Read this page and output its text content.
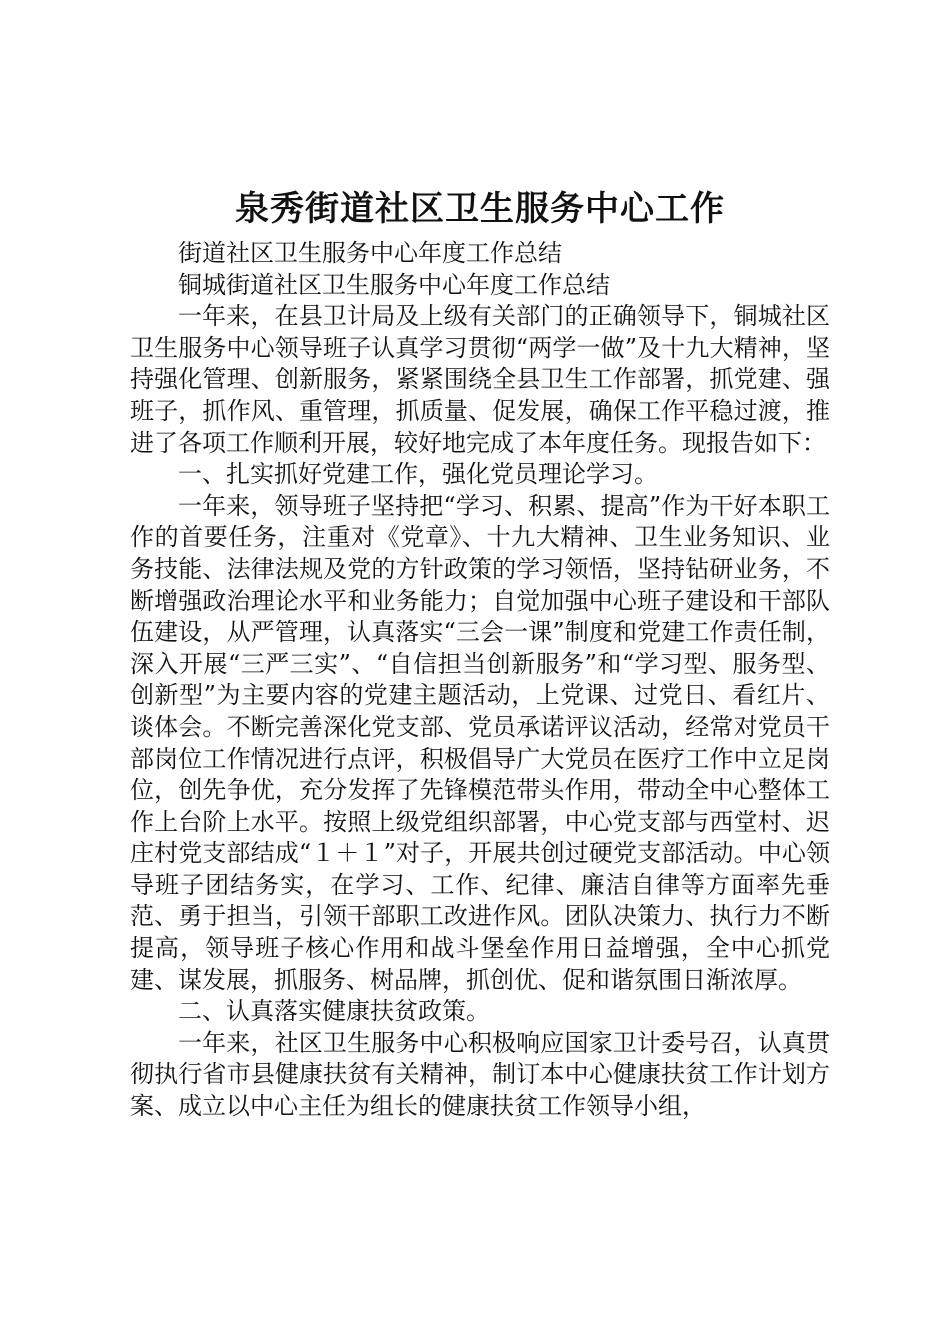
泉秀街道社区卫生服务中心工作

街道社区卫生服务中心年度工作总结

铜城街道社区卫生服务中心年度工作总结

一年来，在县卫计局及上级有关部门的正确领导下，铜城社区卫生服务中心领导班子认真学习贯彻“两学一做”及十九大精神，坚持强化管理、创新服务，紧紧围绕全县卫生工作部署，抓党建、强班子，抓作风、重管理，抓质量、促发展，确保工作平稳过渡，推进了各项工作顺利开展，较好地完成了本年度任务。现报告如下：

一、扎实抓好党建工作，强化党员理论学习。

一年来，领导班子坚持把“学习、积累、提高”作为干好本职工作的首要任务，注重对《党章》、十九大精神、卫生业务知识、业务技能、法律法规及党的方针政策的学习领悟，坚持钻研业务，不断增强政治理论水平和业务能力；自觉加强中心班子建设和干部队伍建设，从严管理，认真落实“三会一课”制度和党建工作责任制，深入开展“三严三实”、“自信担当创新服务”和“学习型、服务型、创新型”为主要内容的党建主题活动，上党课、过党日、看红片、谈体会。不断完善深化党支部、党员承诺评议活动，经常对党员干部岗位工作情况进行点评，积极倡导广大党员在医疗工作中立足岗位，创先争优，充分发挥了先锋模范带头作用，带动全中心整体工作上台阶上水平。按照上级党组织部署，中心党支部与西堂村、迟庄村党支部结成“１＋１”对子，开展共创过硬党支部活动。中心领导班子团结务实，在学习、工作、纪律、廉洁自律等方面率先垂范、勇于担当，引领干部职工改进作风。团队决策力、执行力不断提高，领导班子核心作用和战斗堡垒作用日益增强，全中心抓党建、谋发展，抓服务、树品牌，抓创优、促和谐氛围日渐浓厚。

二、认真落实健康扶贫政策。

一年来，社区卫生服务中心积极响应国家卫计委号召，认真贯彻执行省市县健康扶贫有关精神，制订本中心健康扶贫工作计划方案、成立以中心主任为组长的健康扶贫工作领导小组，
